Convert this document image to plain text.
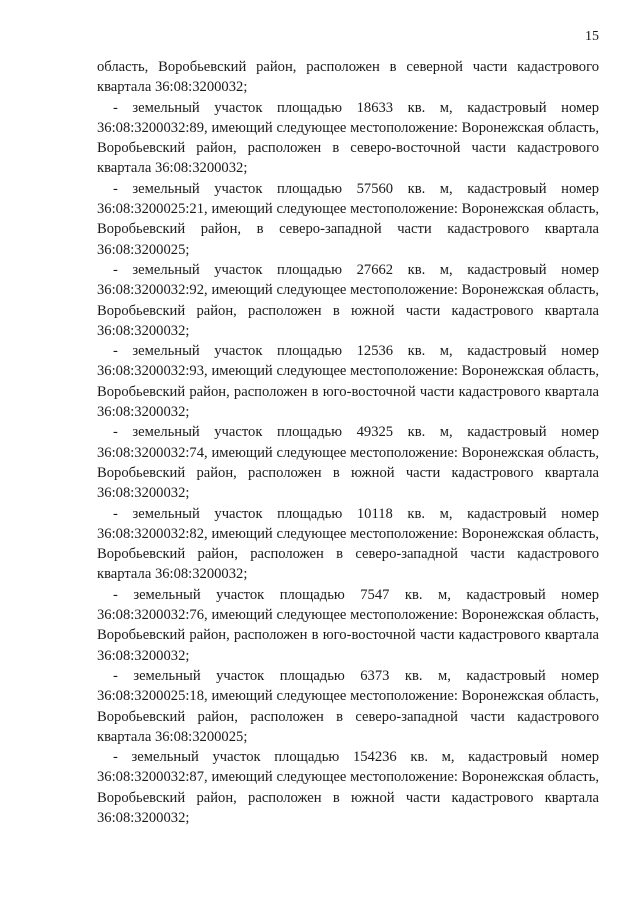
15

область, Воробьевский район, расположен в северной части кадастрового квартала 36:08:3200032;

- земельный участок площадью 18633 кв. м, кадастровый номер 36:08:3200032:89, имеющий следующее местоположение: Воронежская область, Воробьевский район, расположен в северо-восточной части кадастрового квартала 36:08:3200032;

- земельный участок площадью 57560 кв. м, кадастровый номер 36:08:3200025:21, имеющий следующее местоположение: Воронежская область, Воробьевский район, в северо-западной части кадастрового квартала 36:08:3200025;

- земельный участок площадью 27662 кв. м, кадастровый номер 36:08:3200032:92, имеющий следующее местоположение: Воронежская область, Воробьевский район, расположен в южной части кадастрового квартала 36:08:3200032;

- земельный участок площадью 12536 кв. м, кадастровый номер 36:08:3200032:93, имеющий следующее местоположение: Воронежская область, Воробьевский район, расположен в юго-восточной части кадастрового квартала 36:08:3200032;

- земельный участок площадью 49325 кв. м, кадастровый номер 36:08:3200032:74, имеющий следующее местоположение: Воронежская область, Воробьевский район, расположен в южной части кадастрового квартала 36:08:3200032;

- земельный участок площадью 10118 кв. м, кадастровый номер 36:08:3200032:82, имеющий следующее местоположение: Воронежская область, Воробьевский район, расположен в северо-западной части кадастрового квартала 36:08:3200032;

- земельный участок площадью 7547 кв. м, кадастровый номер 36:08:3200032:76, имеющий следующее местоположение: Воронежская область, Воробьевский район, расположен в юго-восточной части кадастрового квартала 36:08:3200032;

- земельный участок площадью 6373 кв. м, кадастровый номер 36:08:3200025:18, имеющий следующее местоположение: Воронежская область, Воробьевский район, расположен в северо-западной части кадастрового квартала 36:08:3200025;

- земельный участок площадью 154236 кв. м, кадастровый номер 36:08:3200032:87, имеющий следующее местоположение: Воронежская область, Воробьевский район, расположен в южной части кадастрового квартала 36:08:3200032;
